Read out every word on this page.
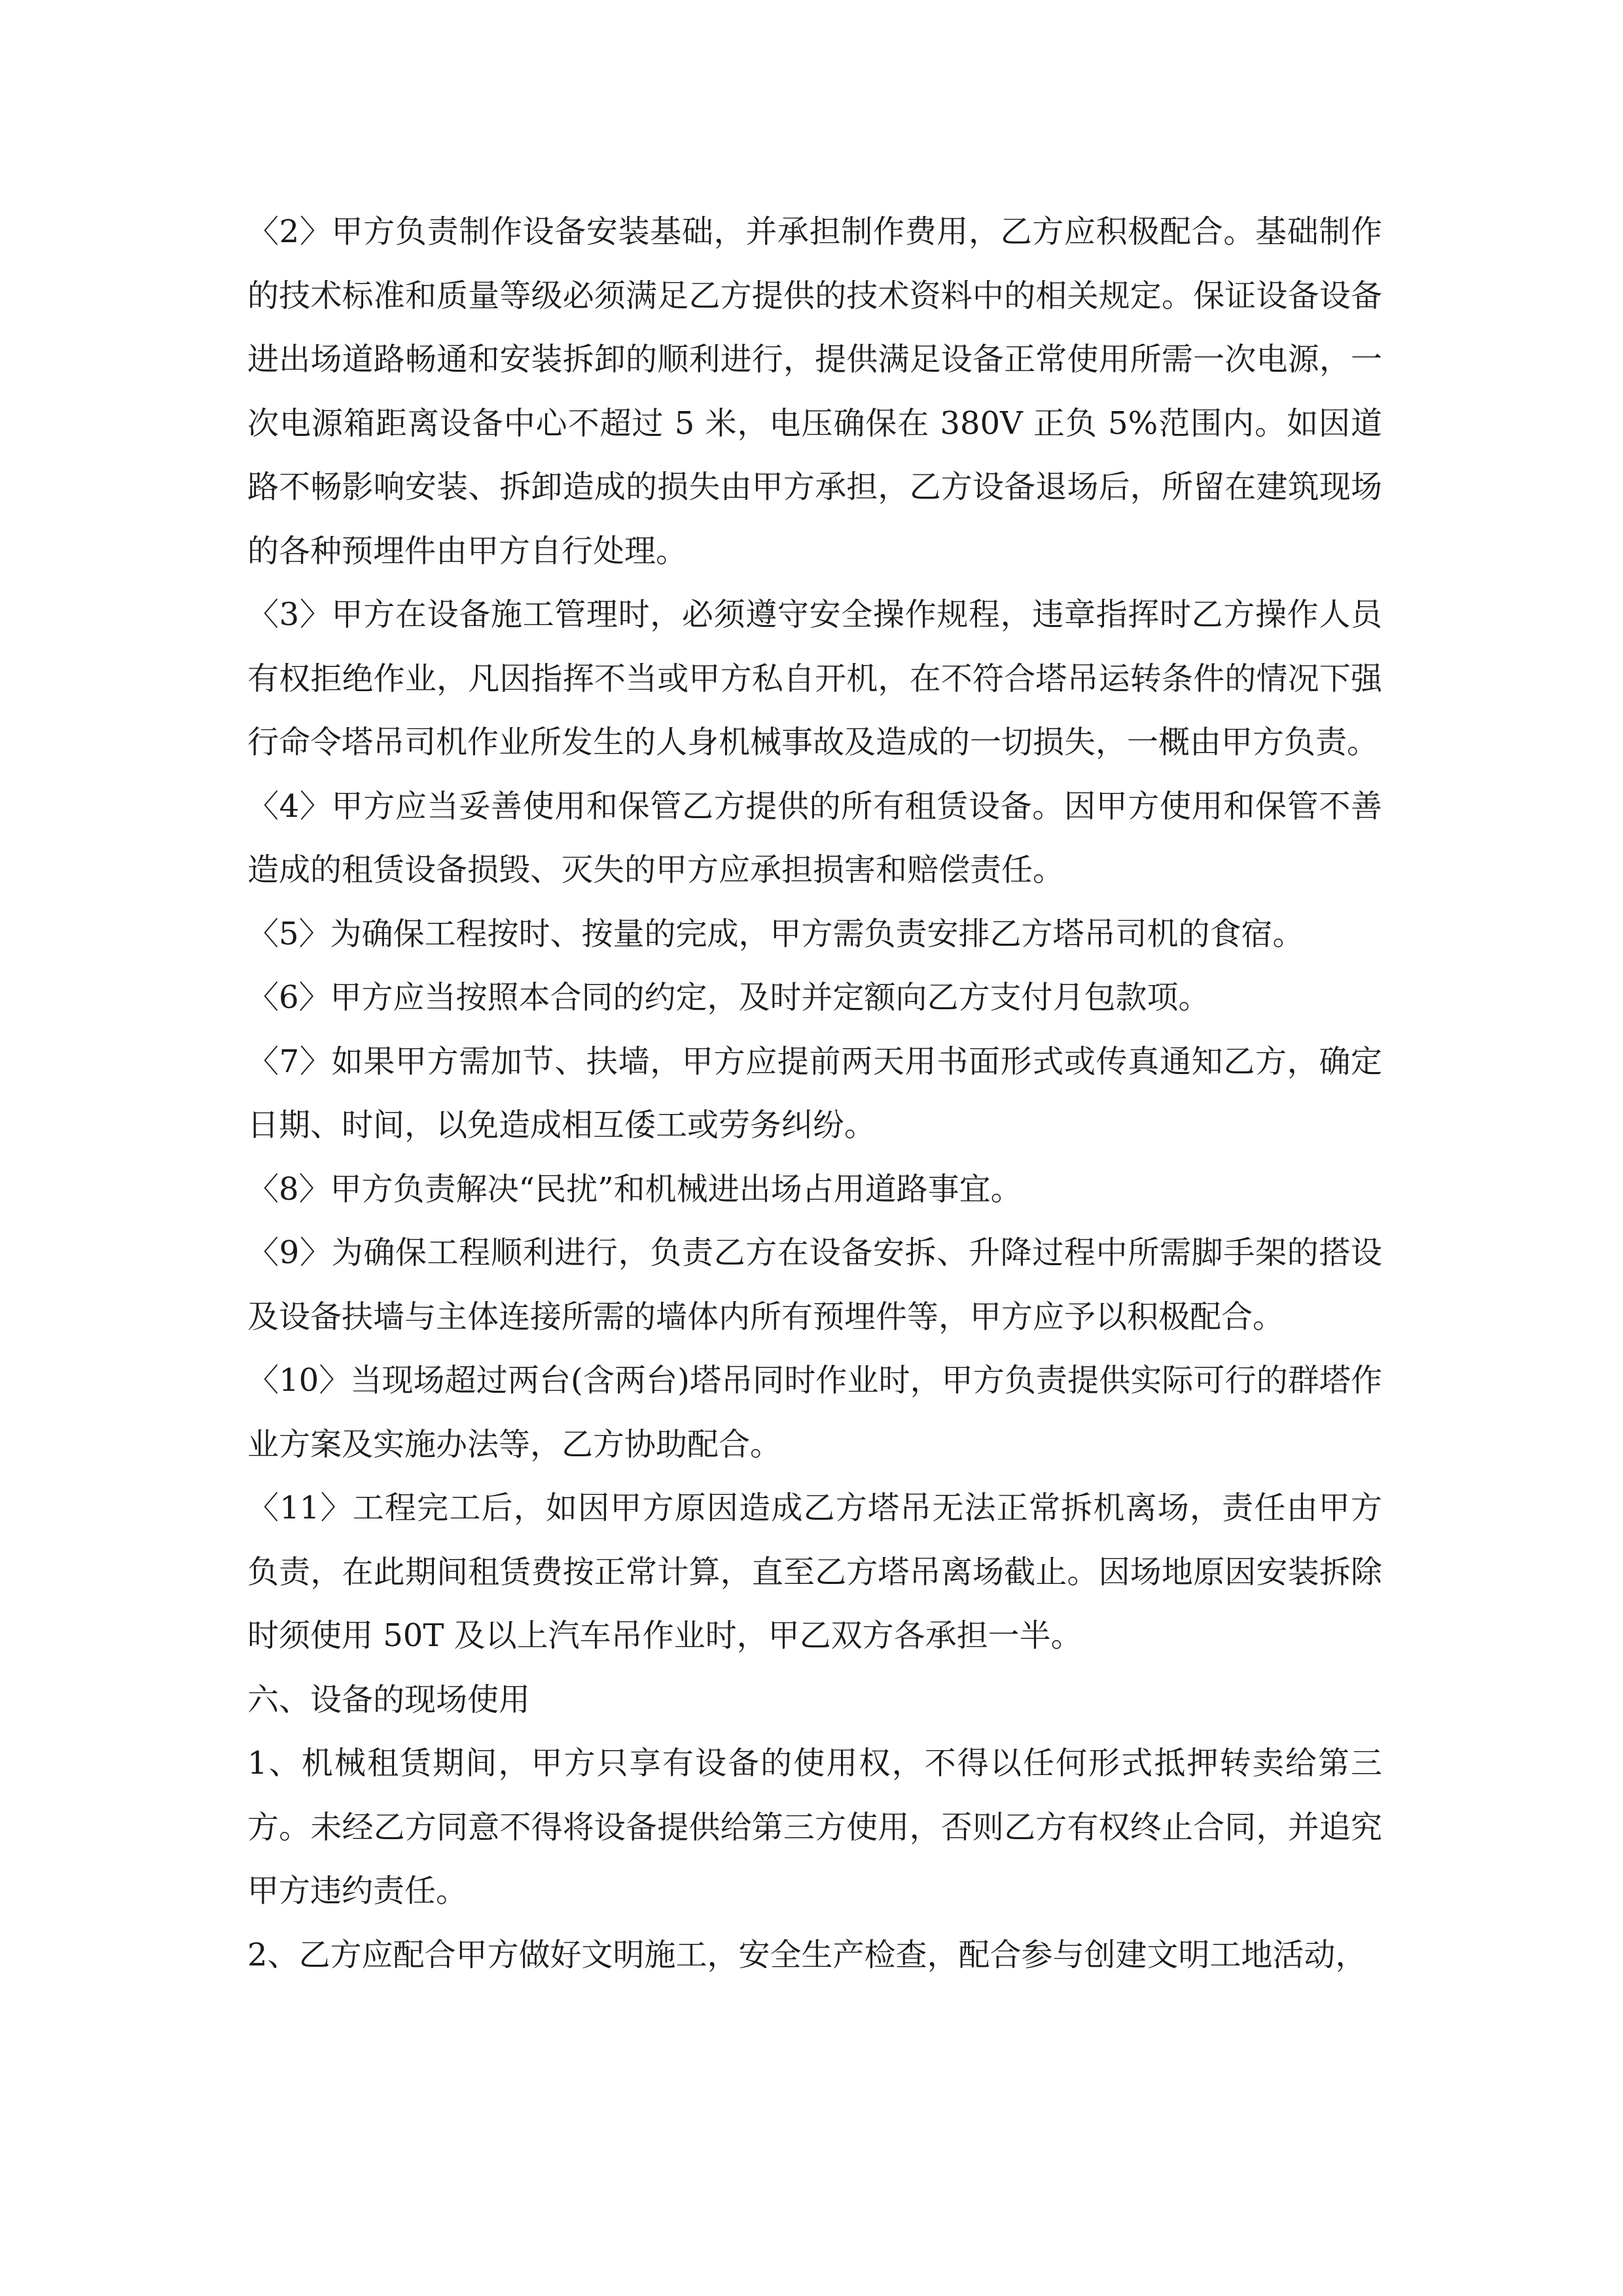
〈2〉甲方负责制作设备安装基础，并承担制作费用，乙方应积极配合。基础制作的技术标准和质量等级必须满足乙方提供的技术资料中的相关规定。保证设备设备进出场道路畅通和安装拆卸的顺利进行，提供满足设备正常使用所需一次电源，一次电源箱距离设备中心不超过 5 米，电压确保在 380V 正负 5%范围内。如因道路不畅影响安装、拆卸造成的损失由甲方承担，乙方设备退场后，所留在建筑现场的各种预埋件由甲方自行处理。

〈3〉甲方在设备施工管理时，必须遵守安全操作规程，违章指挥时乙方操作人员有权拒绝作业，凡因指挥不当或甲方私自开机，在不符合塔吊运转条件的情况下强行命令塔吊司机作业所发生的人身机械事故及造成的一切损失，一概由甲方负责。

〈4〉甲方应当妥善使用和保管乙方提供的所有租赁设备。因甲方使用和保管不善造成的租赁设备损毁、灭失的甲方应承担损害和赔偿责任。

〈5〉为确保工程按时、按量的完成，甲方需负责安排乙方塔吊司机的食宿。

〈6〉甲方应当按照本合同的约定，及时并定额向乙方支付月包款项。

〈7〉如果甲方需加节、扶墙，甲方应提前两天用书面形式或传真通知乙方，确定日期、时间，以免造成相互倭工或劳务纠纷。

〈8〉甲方负责解决“民扰”和机械进出场占用道路事宜。

〈9〉为确保工程顺利进行，负责乙方在设备安拆、升降过程中所需脚手架的搭设及设备扶墙与主体连接所需的墙体内所有预埋件等，甲方应予以积极配合。

〈10〉当现场超过两台(含两台)塔吊同时作业时，甲方负责提供实际可行的群塔作业方案及实施办法等，乙方协助配合。

〈11〉工程完工后，如因甲方原因造成乙方塔吊无法正常拆机离场，责任由甲方负责，在此期间租赁费按正常计算，直至乙方塔吊离场截止。因场地原因安装拆除时须使用 50T 及以上汽车吊作业时，甲乙双方各承担一半。

六、设备的现场使用

1、机械租赁期间，甲方只享有设备的使用权，不得以任何形式抵押转卖给第三方。未经乙方同意不得将设备提供给第三方使用，否则乙方有权终止合同，并追究甲方违约责任。

2、乙方应配合甲方做好文明施工，安全生产检查，配合参与创建文明工地活动，
